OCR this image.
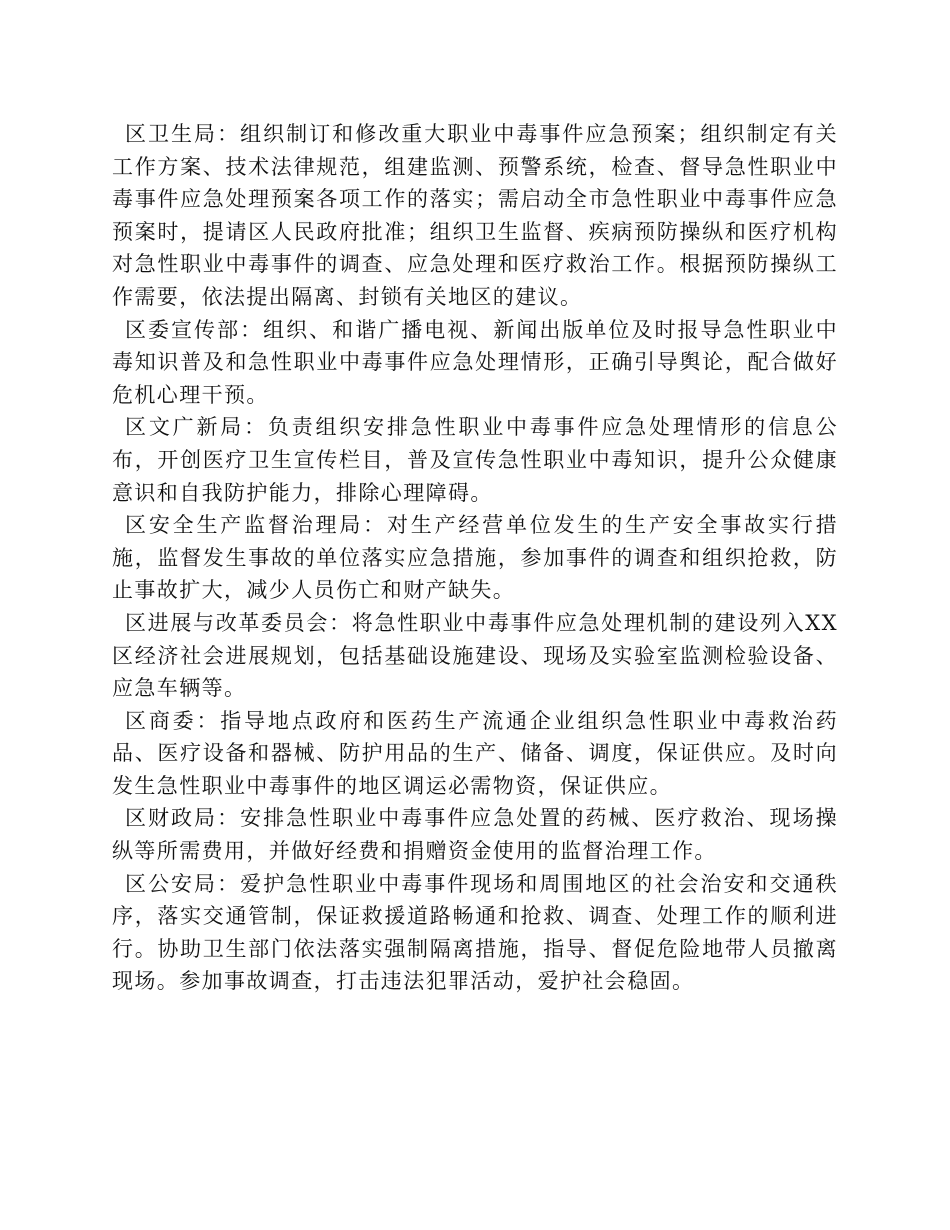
区卫生局：组织制订和修改重大职业中毒事件应急预案；组织制定有关工作方案、技术法律规范，组建监测、预警系统，检查、督导急性职业中毒事件应急处理预案各项工作的落实；需启动全市急性职业中毒事件应急预案时，提请区人民政府批准；组织卫生监督、疾病预防操纵和医疗机构对急性职业中毒事件的调查、应急处理和医疗救治工作。根据预防操纵工作需要，依法提出隔离、封锁有关地区的建议。

区委宣传部：组织、和谐广播电视、新闻出版单位及时报导急性职业中毒知识普及和急性职业中毒事件应急处理情形，正确引导舆论，配合做好危机心理干预。

区文广新局：负责组织安排急性职业中毒事件应急处理情形的信息公布，开创医疗卫生宣传栏目，普及宣传急性职业中毒知识，提升公众健康意识和自我防护能力，排除心理障碍。

区安全生产监督治理局：对生产经营单位发生的生产安全事故实行措施，监督发生事故的单位落实应急措施，参加事件的调查和组织抢救，防止事故扩大，减少人员伤亡和财产缺失。

区进展与改革委员会：将急性职业中毒事件应急处理机制的建设列入XX区经济社会进展规划，包括基础设施建设、现场及实验室监测检验设备、应急车辆等。

区商委：指导地点政府和医药生产流通企业组织急性职业中毒救治药品、医疗设备和器械、防护用品的生产、储备、调度，保证供应。及时向发生急性职业中毒事件的地区调运必需物资，保证供应。

区财政局：安排急性职业中毒事件应急处置的药械、医疗救治、现场操纵等所需费用，并做好经费和捐赠资金使用的监督治理工作。

区公安局：爱护急性职业中毒事件现场和周围地区的社会治安和交通秩序，落实交通管制，保证救援道路畅通和抢救、调查、处理工作的顺利进行。协助卫生部门依法落实强制隔离措施，指导、督促危险地带人员撤离现场。参加事故调查，打击违法犯罪活动，爱护社会稳固。
